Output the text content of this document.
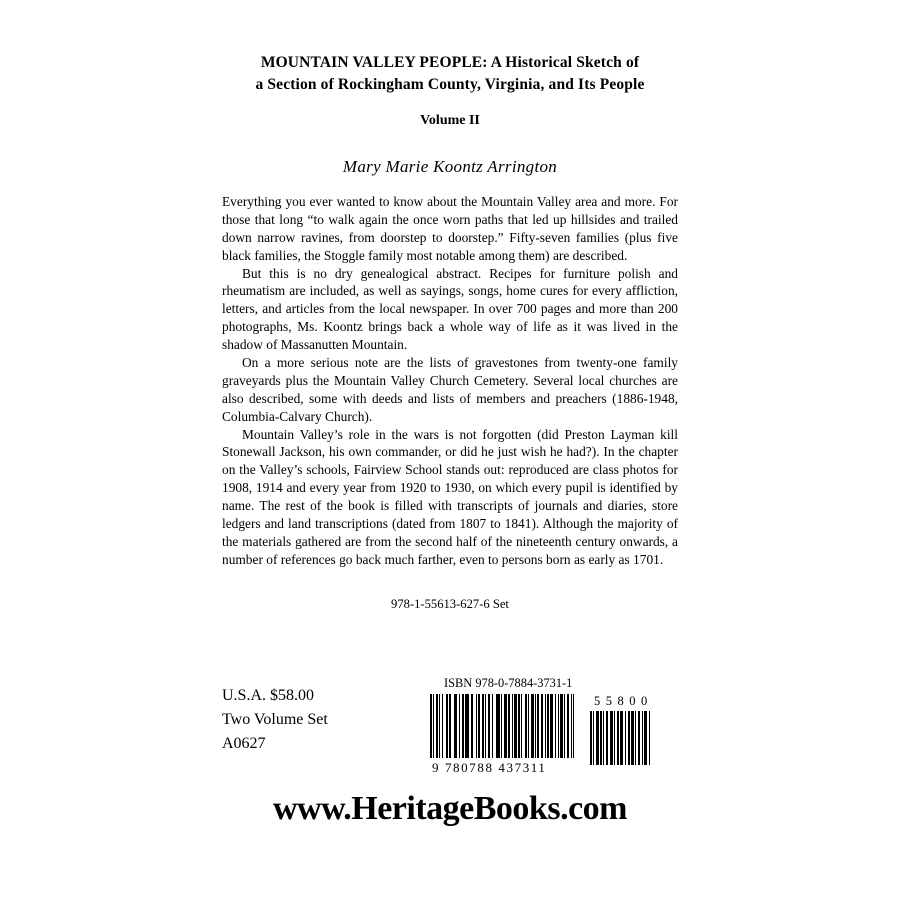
MOUNTAIN VALLEY PEOPLE: A Historical Sketch of
a Section of Rockingham County, Virginia, and Its People
Volume II
Mary Marie Koontz Arrington

Everything you ever wanted to know about the Mountain Valley area and more. For those that long “to walk again the once worn paths that led up hillsides and trailed down narrow ravines, from doorstep to doorstep.” Fifty-seven families (plus five black families, the Stoggle family most notable among them) are described.

But this is no dry genealogical abstract. Recipes for furniture polish and rheumatism are included, as well as sayings, songs, home cures for every affliction, letters, and articles from the local newspaper. In over 700 pages and more than 200 photographs, Ms. Koontz brings back a whole way of life as it was lived in the shadow of Massanutten Mountain.

On a more serious note are the lists of gravestones from twenty-one family graveyards plus the Mountain Valley Church Cemetery. Several local churches are also described, some with deeds and lists of members and preachers (1886-1948, Columbia-Calvary Church).

Mountain Valley’s role in the wars is not forgotten (did Preston Layman kill Stonewall Jackson, his own commander, or did he just wish he had?). In the chapter on the Valley’s schools, Fairview School stands out: reproduced are class photos for 1908, 1914 and every year from 1920 to 1930, on which every pupil is identified by name. The rest of the book is filled with transcripts of journals and diaries, store ledgers and land transcriptions (dated from 1807 to 1841). Although the majority of the materials gathered are from the second half of the nineteenth century onwards, a number of references go back much farther, even to persons born as early as 1701.

978-1-55613-627-6 Set
U.S.A. $58.00
Two Volume Set
A0627
ISBN 978-0-7884-3731-1
9 780788 437311
55800
www.HeritageBooks.com
